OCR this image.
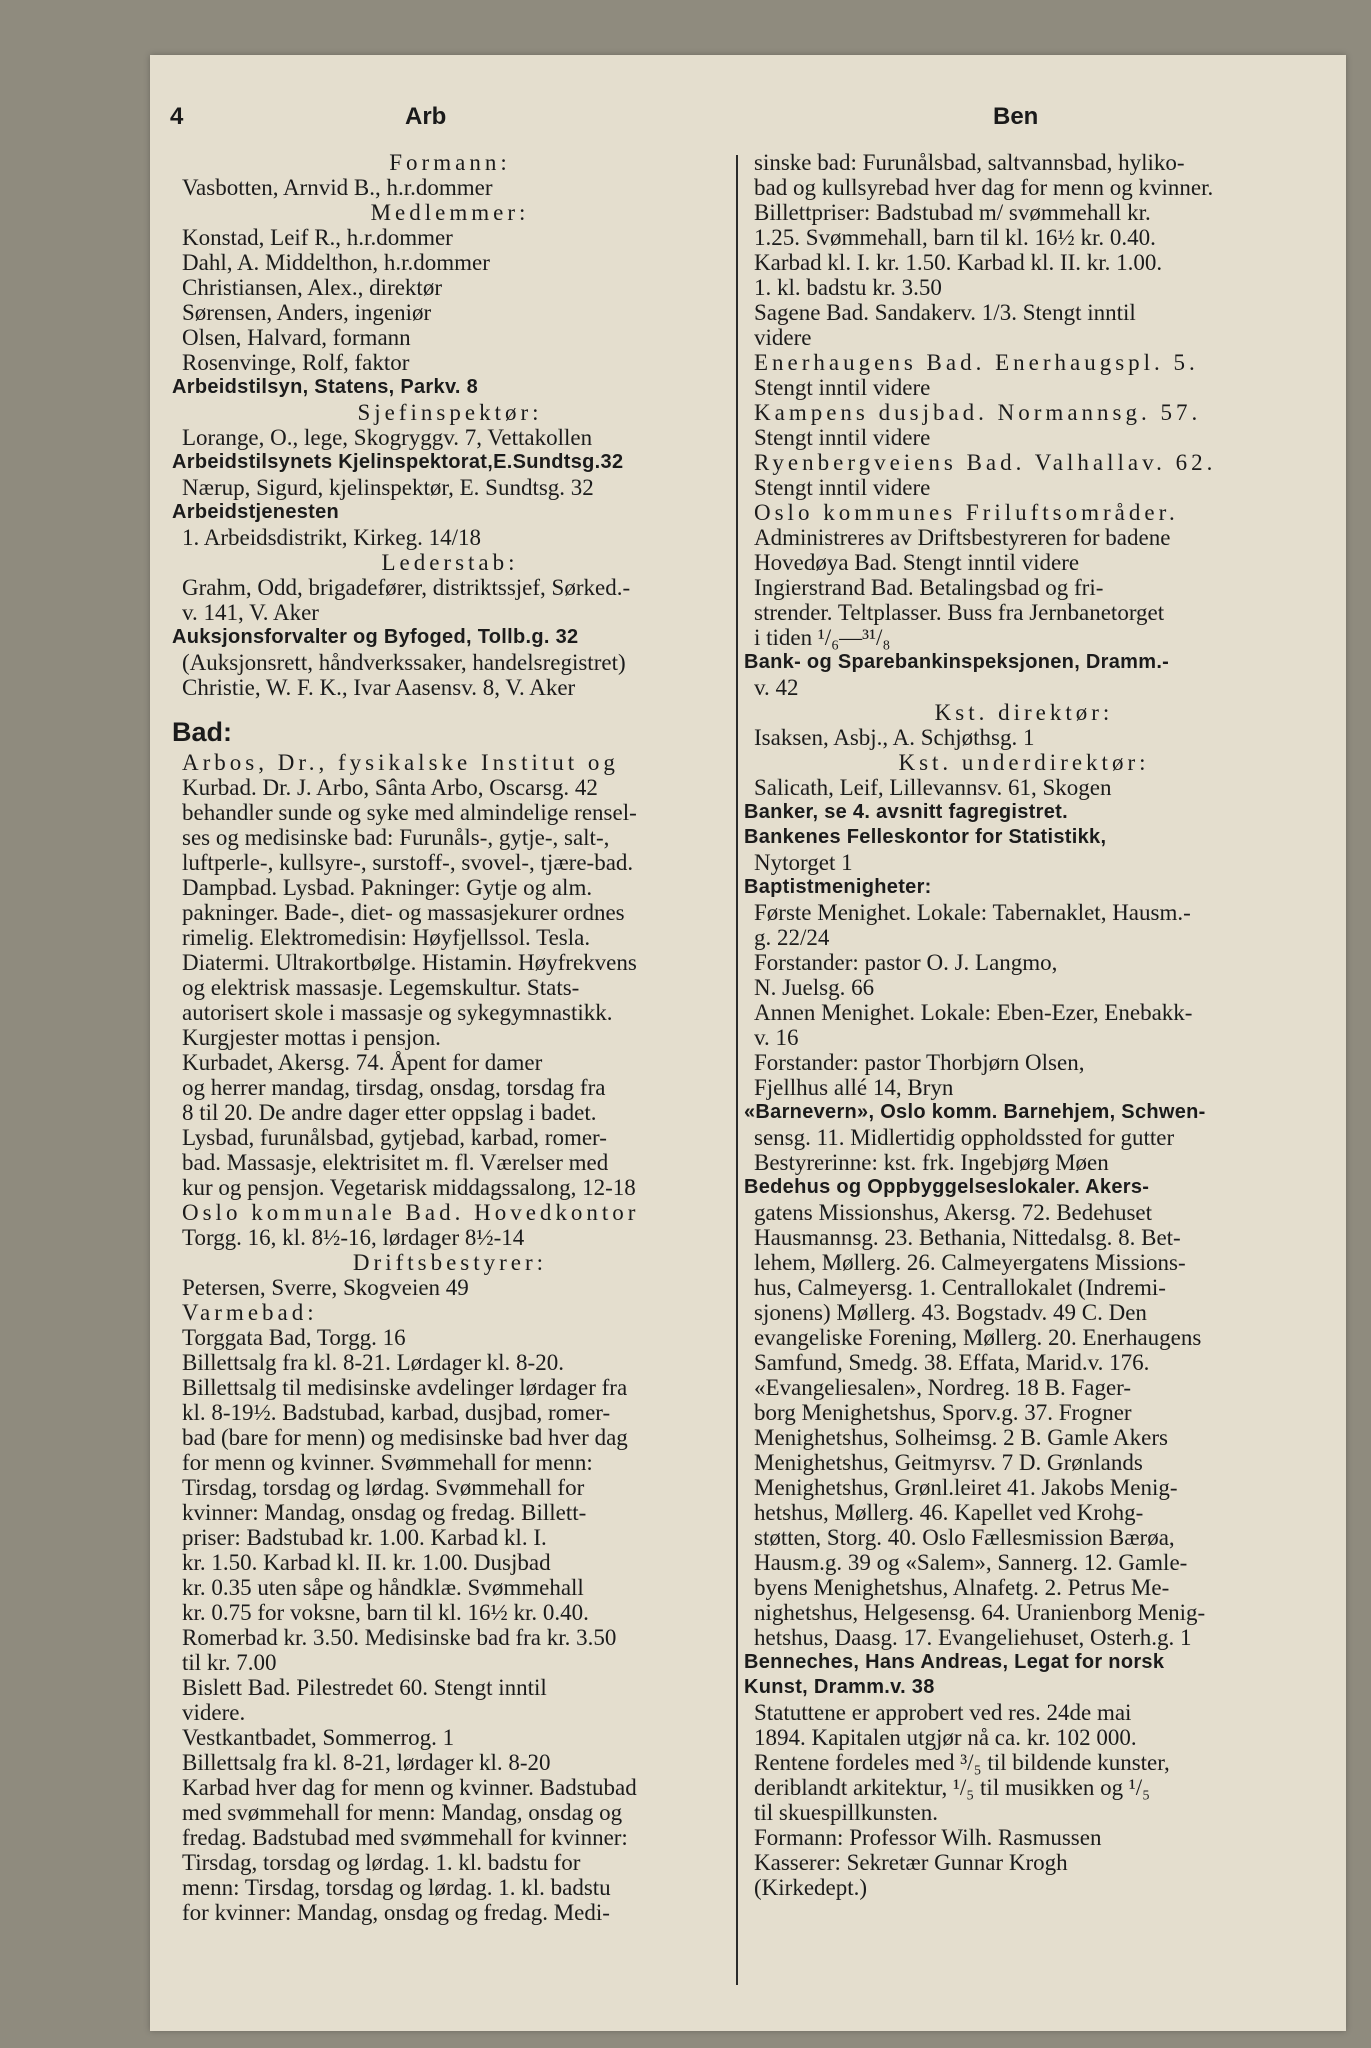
4	Arb	Ben
Formann:
Vasbotten, Arnvid B., h.r.dommer
Medlemmer:
Konstad, Leif R., h.r.dommer
Dahl, A. Middelthon, h.r.dommer
Christiansen, Alex., direktør
Sørensen, Anders, ingeniør
Olsen, Halvard, formann
Rosenvinge, Rolf, faktor
Arbeidstilsyn, Statens, Parkv. 8
Sjefinspektør:
Lorange, O., lege, Skogryggv. 7, Vettakollen
Arbeidstilsynets Kjelinspektorat,E.Sundtsg.32
Nærup, Sigurd, kjelinspektør, E. Sundtsg. 32
Arbeidstjenesten
1. Arbeidsdistrikt, Kirkeg. 14/18
Lederstab:
Grahm, Odd, brigadefører, distriktssjef, Sørked.-
v. 141, V. Aker
Auksjonsforvalter og Byfoged, Tollb.g. 32
(Auksjonsrett, håndverkssaker, handelsregistret)
Christie, W. F. K., Ivar Aasensv. 8, V. Aker
Bad:
Arbos, Dr., fysikalske Institut og
Kurbad. Dr. J. Arbo, Sânta Arbo, Oscarsg. 42
behandler sunde og syke med almindelige rensel-
ses og medisinske bad: Furunåls-, gytje-, salt-,
luftperle-, kullsyre-, surstoff-, svovel-, tjære-bad.
Dampbad. Lysbad. Pakninger: Gytje og alm.
pakninger. Bade-, diet- og massasjekurer ordnes
rimelig. Elektromedisin: Høyfjellssol. Tesla.
Diatermi. Ultrakortbølge. Histamin. Høyfrekvens
og elektrisk massasje. Legemskultur. Stats-
autorisert skole i massasje og sykegymnastikk.
Kurgjester mottas i pensjon.
Kurbadet, Akersg. 74. Åpent for damer
og herrer mandag, tirsdag, onsdag, torsdag fra
8 til 20. De andre dager etter oppslag i badet.
Lysbad, furunålsbad, gytjebad, karbad, romer-
bad. Massasje, elektrisitet m. fl. Værelser med
kur og pensjon. Vegetarisk middagssalong, 12-18
Oslo kommunale Bad. Hovedkontor
Torgg. 16, kl. 8½-16, lørdager 8½-14
Driftsbestyrer:
Petersen, Sverre, Skogveien 49
Varmebad:
Torggata Bad, Torgg. 16
Billettsalg fra kl. 8-21. Lørdager kl. 8-20.
Billettsalg til medisinske avdelinger lørdager fra
kl. 8-19½. Badstubad, karbad, dusjbad, romer-
bad (bare for menn) og medisinske bad hver dag
for menn og kvinner. Svømmehall for menn:
Tirsdag, torsdag og lørdag. Svømmehall for
kvinner: Mandag, onsdag og fredag. Billett-
priser: Badstubad kr. 1.00. Karbad kl. I.
kr. 1.50. Karbad kl. II. kr. 1.00. Dusjbad
kr. 0.35 uten såpe og håndklæ. Svømmehall
kr. 0.75 for voksne, barn til kl. 16½ kr. 0.40.
Romerbad kr. 3.50. Medisinske bad fra kr. 3.50
til kr. 7.00
Bislett Bad. Pilestredet 60. Stengt inntil
videre.
Vestkantbadet, Sommerrog. 1
Billettsalg fra kl. 8-21, lørdager kl. 8-20
Karbad hver dag for menn og kvinner. Badstubad
med svømmehall for menn: Mandag, onsdag og
fredag. Badstubad med svømmehall for kvinner:
Tirsdag, torsdag og lørdag. 1. kl. badstu for
menn: Tirsdag, torsdag og lørdag. 1. kl. badstu
for kvinner: Mandag, onsdag og fredag. Medi-
sinske bad: Furunålsbad, saltvannsbad, hyliko-
bad og kullsyrebad hver dag for menn og kvinner.
Billettpriser: Badstubad m/ svømmehall kr.
1.25. Svømmehall, barn til kl. 16½ kr. 0.40.
Karbad kl. I. kr. 1.50. Karbad kl. II. kr. 1.00.
1. kl. badstu kr. 3.50
Sagene Bad. Sandakerv. 1/3. Stengt inntil
videre
Enerhaugens Bad. Enerhaugspl. 5.
Stengt inntil videre
Kampens dusjbad. Normannsg. 57.
Stengt inntil videre
Ryenbergveiens Bad. Valhallav. 62.
Stengt inntil videre
Oslo kommunes Friluftsområder.
Administreres av Driftsbestyreren for badene
Hovedøya Bad. Stengt inntil videre
Ingierstrand Bad. Betalingsbad og fri-
strender. Teltplasser. Buss fra Jernbanetorget
i tiden ¹/₆—³¹/₈
Bank- og Sparebankinspeksjonen, Dramm.-
v. 42
Kst. direktør:
Isaksen, Asbj., A. Schjøthsg. 1
Kst. underdirektør:
Salicath, Leif, Lillevannsv. 61, Skogen
Banker, se 4. avsnitt fagregistret.
Bankenes Felleskontor for Statistikk,
Nytorget 1
Baptistmenigheter:
Første Menighet. Lokale: Tabernaklet, Hausm.-
g. 22/24
Forstander: pastor O. J. Langmo,
N. Juelsg. 66
Annen Menighet. Lokale: Eben-Ezer, Enebakk-
v. 16
Forstander: pastor Thorbjørn Olsen,
Fjellhus allé 14, Bryn
«Barnevern», Oslo komm. Barnehjem, Schwen-
sensg. 11. Midlertidig oppholdssted for gutter
Bestyrerinne: kst. frk. Ingebjørg Møen
Bedehus og Oppbyggelseslokaler. Akers-
gatens Missionshus, Akersg. 72. Bedehuset
Hausmannsg. 23. Bethania, Nittedalsg. 8. Bet-
lehem, Møllerg. 26. Calmeyergatens Missions-
hus, Calmeyersg. 1. Centrallokalet (Indremi-
sjonens) Møllerg. 43. Bogstadv. 49 C. Den
evangeliske Forening, Møllerg. 20. Enerhaugens
Samfund, Smedg. 38. Effata, Marid.v. 176.
«Evangeliesalen», Nordreg. 18 B. Fager-
borg Menighetshus, Sporv.g. 37. Frogner
Menighetshus, Solheimsg. 2 B. Gamle Akers
Menighetshus, Geitmyrsv. 7 D. Grønlands
Menighetshus, Grønl.leiret 41. Jakobs Menig-
hetshus, Møllerg. 46. Kapellet ved Krohg-
støtten, Storg. 40. Oslo Fællesmission Bærøa,
Hausm.g. 39 og «Salem», Sannerg. 12. Gamle-
byens Menighetshus, Alnafetg. 2. Petrus Me-
nighetshus, Helgesensg. 64. Uranienborg Menig-
hetshus, Daasg. 17. Evangeliehuset, Osterh.g. 1
Benneches, Hans Andreas, Legat for norsk
Kunst, Dramm.v. 38
Statuttene er approbert ved res. 24de mai
1894. Kapitalen utgjør nå ca. kr. 102 000.
Rentene fordeles med ³/₅ til bildende kunster,
deriblandt arkitektur, ¹/₅ til musikken og ¹/₅
til skuespillkunsten.
Formann: Professor Wilh. Rasmussen
Kasserer: Sekretær Gunnar Krogh
(Kirkedept.)
